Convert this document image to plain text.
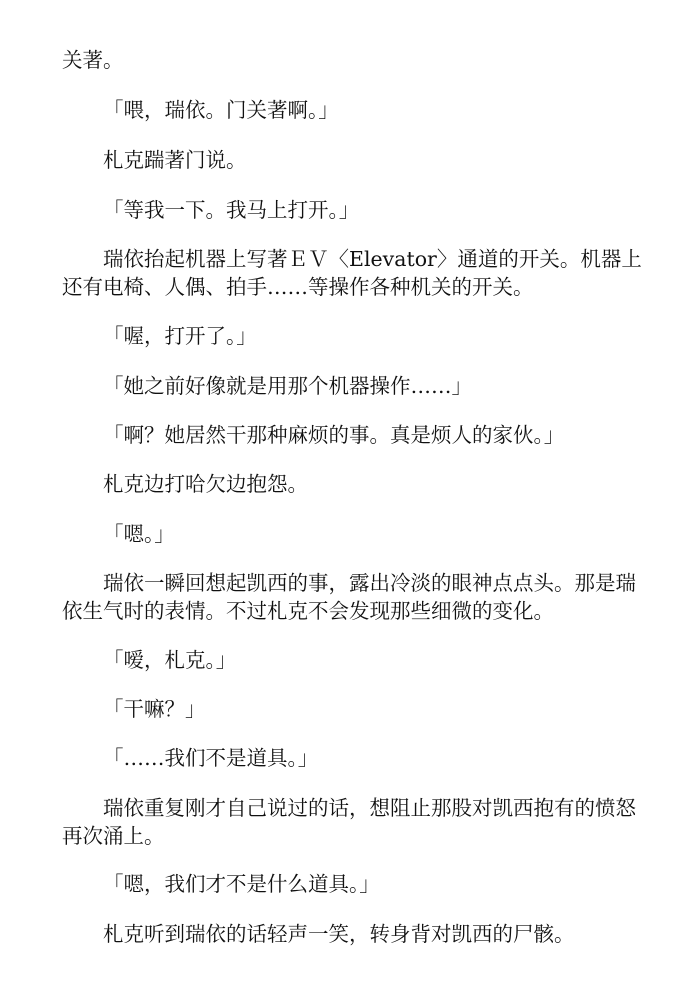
关著。

「喂，瑞依。门关著啊。」

札克踹著门说。

「等我一下。我马上打开。」

瑞依抬起机器上写著ＥＶ〈Elevator〉通道的开关。机器上还有电椅、人偶、拍手……等操作各种机关的开关。

「喔，打开了。」

「她之前好像就是用那个机器操作……」

「啊？她居然干那种麻烦的事。真是烦人的家伙。」

札克边打哈欠边抱怨。

「嗯。」

瑞依一瞬回想起凯西的事，露出冷淡的眼神点点头。那是瑞依生气时的表情。不过札克不会发现那些细微的变化。

「嗳，札克。」

「干嘛？」

「……我们不是道具。」

瑞依重复刚才自己说过的话，想阻止那股对凯西抱有的愤怒再次涌上。

「嗯，我们才不是什么道具。」

札克听到瑞依的话轻声一笑，转身背对凯西的尸骸。
